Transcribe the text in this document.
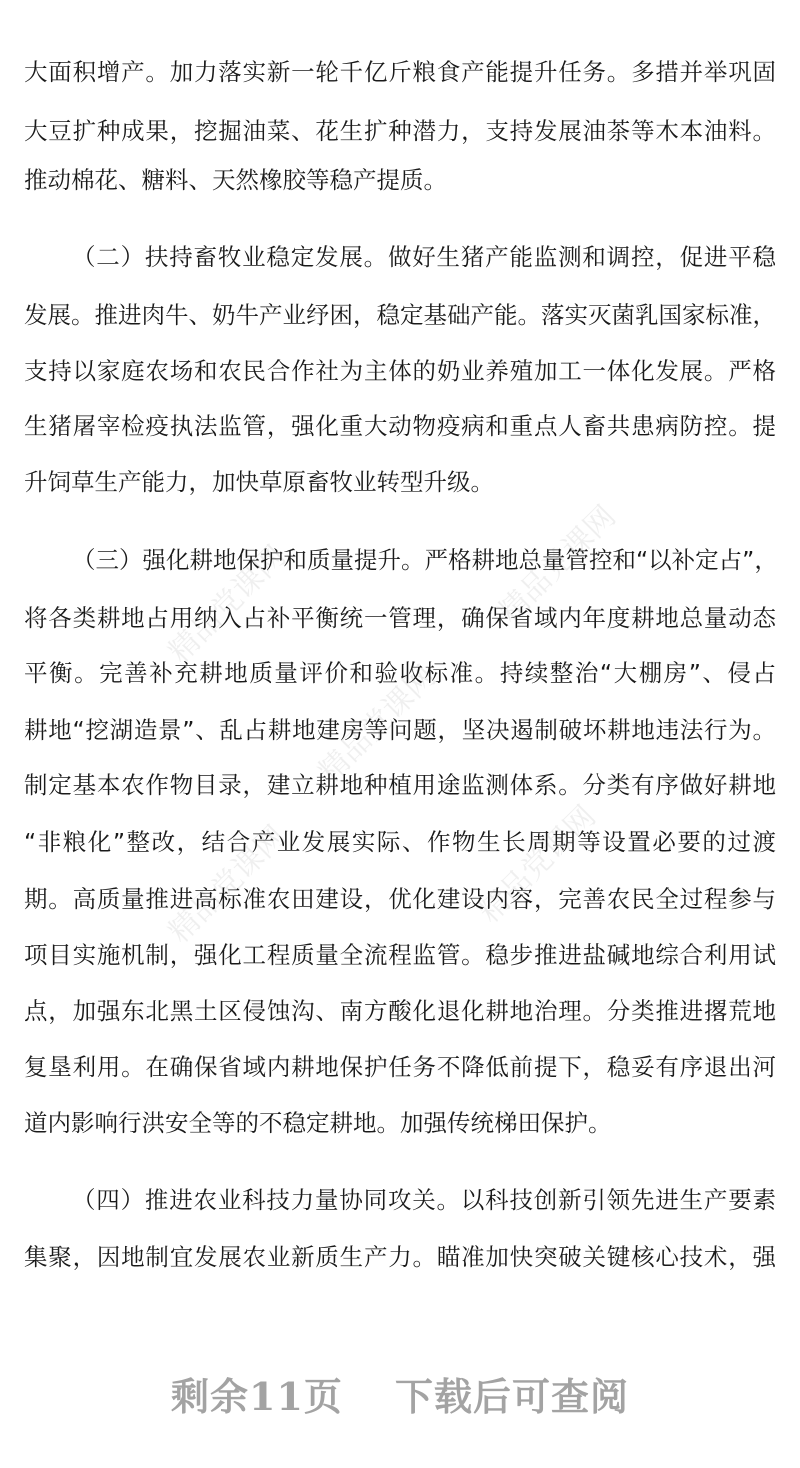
精品党课网	精品党课网
精品党课网
精品党课网	精品党课网
大面积增产。加力落实新一轮千亿斤粮食产能提升任务。多措并举巩固
大豆扩种成果，挖掘油菜、花生扩种潜力，支持发展油茶等木本油料。
推动棉花、糖料、天然橡胶等稳产提质。
（二）扶持畜牧业稳定发展。做好生猪产能监测和调控，促进平稳
发展。推进肉牛、奶牛产业纾困，稳定基础产能。落实灭菌乳国家标准，
支持以家庭农场和农民合作社为主体的奶业养殖加工一体化发展。严格
生猪屠宰检疫执法监管，强化重大动物疫病和重点人畜共患病防控。提
升饲草生产能力，加快草原畜牧业转型升级。
（三）强化耕地保护和质量提升。严格耕地总量管控和“以补定占”，
将各类耕地占用纳入占补平衡统一管理，确保省域内年度耕地总量动态
平衡。完善补充耕地质量评价和验收标准。持续整治“大棚房”、侵占
耕地“挖湖造景”、乱占耕地建房等问题，坚决遏制破坏耕地违法行为。
制定基本农作物目录，建立耕地种植用途监测体系。分类有序做好耕地
“非粮化”整改，结合产业发展实际、作物生长周期等设置必要的过渡
期。高质量推进高标准农田建设，优化建设内容，完善农民全过程参与
项目实施机制，强化工程质量全流程监管。稳步推进盐碱地综合利用试
点，加强东北黑土区侵蚀沟、南方酸化退化耕地治理。分类推进撂荒地
复垦利用。在确保省域内耕地保护任务不降低前提下，稳妥有序退出河
道内影响行洪安全等的不稳定耕地。加强传统梯田保护。
（四）推进农业科技力量协同攻关。以科技创新引领先进生产要素
集聚，因地制宜发展农业新质生产力。瞄准加快突破关键核心技术，强
剩余11页 下载后可查阅
